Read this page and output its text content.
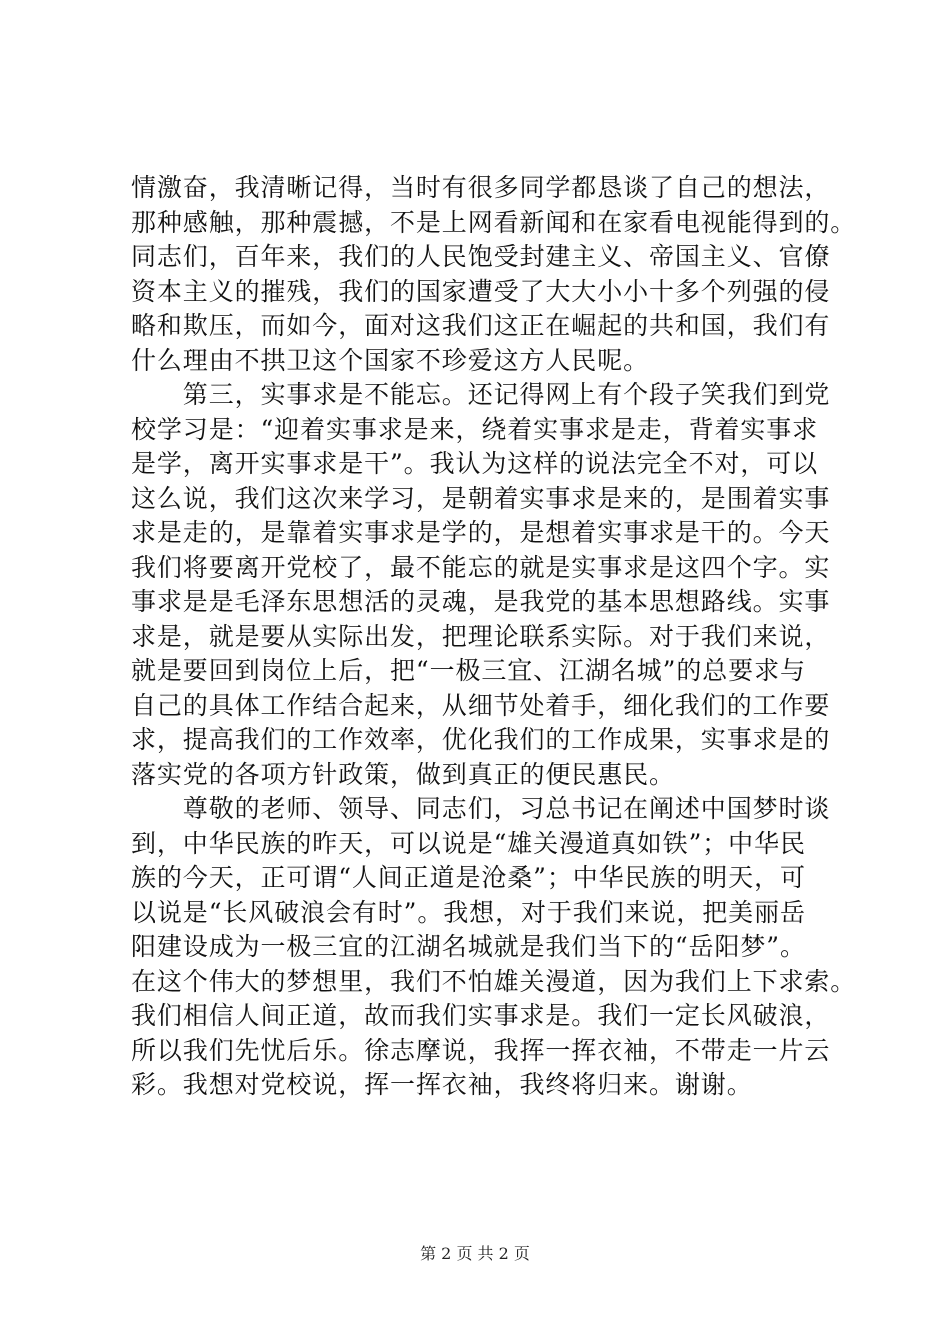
情激奋，我清晰记得，当时有很多同学都恳谈了自己的想法，
那种感触，那种震撼，不是上网看新闻和在家看电视能得到的。
同志们，百年来，我们的人民饱受封建主义、帝国主义、官僚
资本主义的摧残，我们的国家遭受了大大小小十多个列强的侵
略和欺压，而如今，面对这我们这正在崛起的共和国，我们有
什么理由不拱卫这个国家不珍爱这方人民呢。
　　第三，实事求是不能忘。还记得网上有个段子笑我们到党
校学习是：“迎着实事求是来，绕着实事求是走，背着实事求
是学，离开实事求是干”。我认为这样的说法完全不对，可以
这么说，我们这次来学习，是朝着实事求是来的，是围着实事
求是走的，是靠着实事求是学的，是想着实事求是干的。今天
我们将要离开党校了，最不能忘的就是实事求是这四个字。实
事求是是毛泽东思想活的灵魂，是我党的基本思想路线。实事
求是，就是要从实际出发，把理论联系实际。对于我们来说，
就是要回到岗位上后，把“一极三宜、江湖名城”的总要求与
自己的具体工作结合起来，从细节处着手，细化我们的工作要
求，提高我们的工作效率，优化我们的工作成果，实事求是的
落实党的各项方针政策，做到真正的便民惠民。
　　尊敬的老师、领导、同志们，习总书记在阐述中国梦时谈
到，中华民族的昨天，可以说是“雄关漫道真如铁”；中华民
族的今天，正可谓“人间正道是沧桑”；中华民族的明天，可
以说是“长风破浪会有时”。我想，对于我们来说，把美丽岳
阳建设成为一极三宜的江湖名城就是我们当下的“岳阳梦”。
在这个伟大的梦想里，我们不怕雄关漫道，因为我们上下求索。
我们相信人间正道，故而我们实事求是。我们一定长风破浪，
所以我们先忧后乐。徐志摩说，我挥一挥衣袖，不带走一片云
彩。我想对党校说，挥一挥衣袖，我终将归来。谢谢。
第 2 页 共 2 页
